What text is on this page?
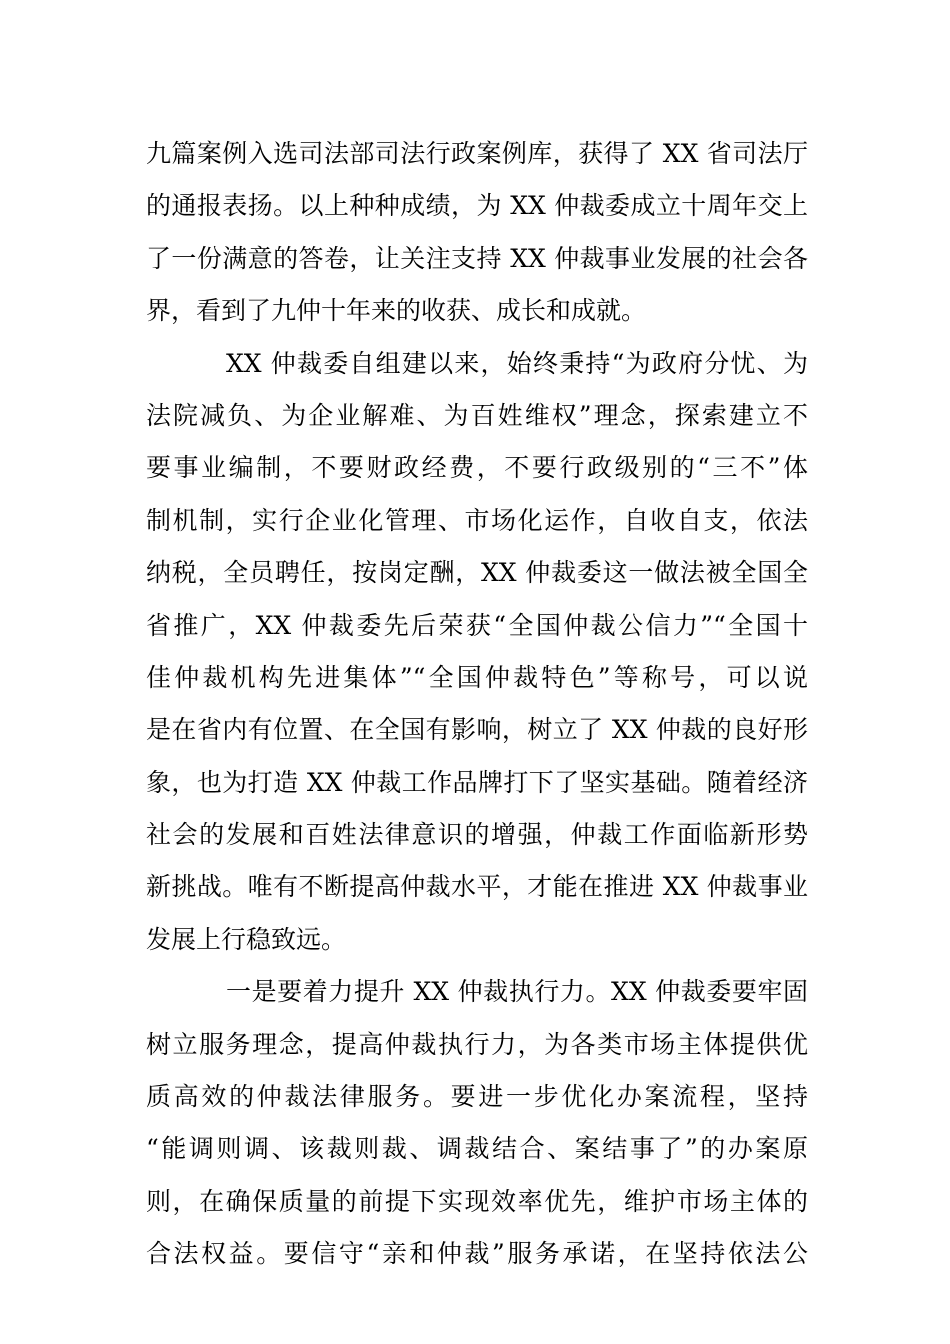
九篇案例入选司法部司法行政案例库，获得了 XX 省司法厅
的通报表扬。以上种种成绩，为 XX 仲裁委成立十周年交上
了一份满意的答卷，让关注支持 XX 仲裁事业发展的社会各
界，看到了九仲十年来的收获、成长和成就。
XX 仲裁委自组建以来，始终秉持“为政府分忧、为
法院减负、为企业解难、为百姓维权”理念，探索建立不
要事业编制，不要财政经费，不要行政级别的“三不”体
制机制，实行企业化管理、市场化运作，自收自支，依法
纳税，全员聘任，按岗定酬，XX 仲裁委这一做法被全国全
省推广，XX 仲裁委先后荣获“全国仲裁公信力”“全国十
佳仲裁机构先进集体”“全国仲裁特色”等称号，可以说
是在省内有位置、在全国有影响，树立了 XX 仲裁的良好形
象，也为打造 XX 仲裁工作品牌打下了坚实基础。随着经济
社会的发展和百姓法律意识的增强，仲裁工作面临新形势
新挑战。唯有不断提高仲裁水平，才能在推进 XX 仲裁事业
发展上行稳致远。
一是要着力提升 XX 仲裁执行力。XX 仲裁委要牢固
树立服务理念，提高仲裁执行力，为各类市场主体提供优
质高效的仲裁法律服务。要进一步优化办案流程，坚持
“能调则调、该裁则裁、调裁结合、案结事了”的办案原
则，在确保质量的前提下实现效率优先，维护市场主体的
合法权益。要信守“亲和仲裁”服务承诺，在坚持依法公
